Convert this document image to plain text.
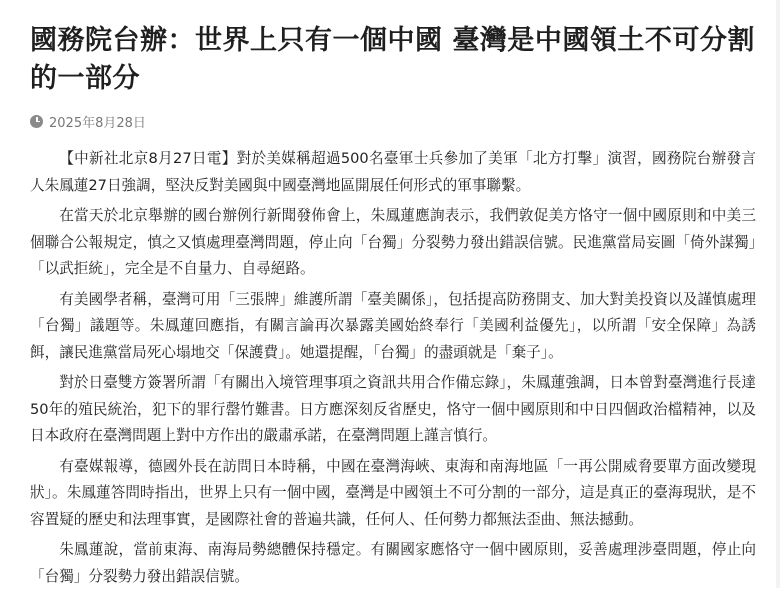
國務院台辦：世界上只有一個中國 臺灣是中國領土不可分割的一部分
2025年8月28日

【中新社北京8月27日電】對於美媒稱超過500名臺軍士兵參加了美軍「北方打擊」演習，國務院台辦發言人朱鳳蓮27日強調，堅決反對美國與中國臺灣地區開展任何形式的軍事聯繫。

在當天於北京舉辦的國台辦例行新聞發佈會上，朱鳳蓮應詢表示，我們敦促美方恪守一個中國原則和中美三個聯合公報規定，慎之又慎處理臺灣問題，停止向「台獨」分裂勢力發出錯誤信號。民進黨當局妄圖「倚外謀獨」「以武拒統」，完全是不自量力、自尋絕路。

有美國學者稱，臺灣可用「三張牌」維護所謂「臺美關係」，包括提高防務開支、加大對美投資以及謹慎處理「台獨」議題等。朱鳳蓮回應指，有關言論再次暴露美國始終奉行「美國利益優先」，以所謂「安全保障」為誘餌，讓民進黨當局死心塌地交「保護費」。她還提醒，「台獨」的盡頭就是「棄子」。

對於日臺雙方簽署所謂「有關出入境管理事項之資訊共用合作備忘錄」，朱鳳蓮強調，日本曾對臺灣進行長達50年的殖民統治，犯下的罪行罄竹難書。日方應深刻反省歷史，恪守一個中國原則和中日四個政治檔精神，以及日本政府在臺灣問題上對中方作出的嚴肅承諾，在臺灣問題上謹言慎行。

有臺媒報導，德國外長在訪問日本時稱，中國在臺灣海峽、東海和南海地區「一再公開威脅要單方面改變現狀」。朱鳳蓮答問時指出，世界上只有一個中國，臺灣是中國領土不可分割的一部分，這是真正的臺海現狀，是不容置疑的歷史和法理事實，是國際社會的普遍共識，任何人、任何勢力都無法歪曲、無法撼動。

朱鳳蓮說，當前東海、南海局勢總體保持穩定。有關國家應恪守一個中國原則，妥善處理涉臺問題，停止向「台獨」分裂勢力發出錯誤信號。
